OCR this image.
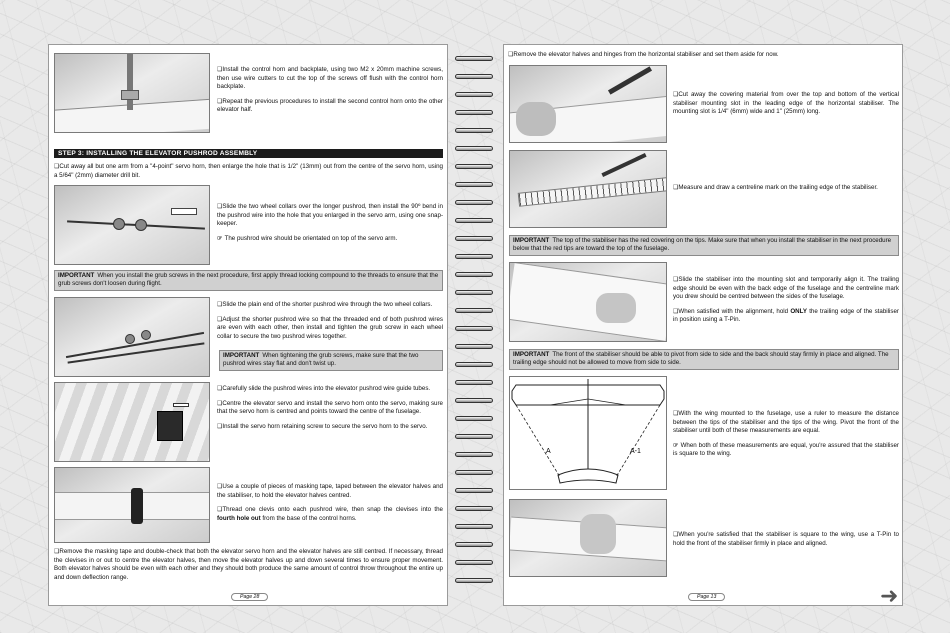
❑ Install the control horn and backplate, using two M2 x 20mm machine screws, then use wire cutters to cut the top of the screws off flush with the control horn backplate.
❑ Repeat the previous procedures to install the second control horn onto the other elevator half.
STEP 3: INSTALLING THE ELEVATOR PUSHROD ASSEMBLY
❑ Cut away all but one arm from a "4-point" servo horn, then enlarge the hole that is 1/2" (13mm) out from the centre of the servo horn, using a 5/64" (2mm) diameter drill bit.
❑ Slide the two wheel collars over the longer pushrod, then install the 90º bend in the pushrod wire into the hole that you enlarged in the servo arm, using one snap-keeper.
☞ The pushrod wire should be orientated on top of the servo arm.
IMPORTANT When you install the grub screws in the next procedure, first apply thread locking compound to the threads to ensure that the grub screws don't loosen during flight.
❑ Slide the plain end of the shorter pushrod wire through the two wheel collars.
❑ Adjust the shorter pushrod wire so that the threaded end of both pushrod wires are even with each other, then install and tighten the grub screw in each wheel collar to secure the two pushrod wires together.
IMPORTANT When tightening the grub screws, make sure that the two pushrod wires stay flat and don't twist up.
❑ Carefully slide the pushrod wires into the elevator pushrod wire guide tubes.
❑ Centre the elevator servo and install the servo horn onto the servo, making sure that the servo horn is centred and points toward the centre of the fuselage.
❑ Install the servo horn retaining screw to secure the servo horn to the servo.
❑ Use a couple of pieces of masking tape, taped between the elevator halves and the stabiliser, to hold the elevator halves centred.
❑ Thread one clevis onto each pushrod wire, then snap the clevises into the fourth hole out from the base of the control horns.
❑ Remove the masking tape and double-check that both the elevator servo horn and the elevator halves are still centred. If necessary, thread the clevises in or out to centre the elevator halves, then move the elevator halves up and down several times to ensure proper movement. Both elevator halves should be even with each other and they should both produce the same amount of control throw throughout the entire up and down deflection range.
Page 28
❑ Remove the elevator halves and hinges from the horizontal stabiliser and set them aside for now.
❑ Cut away the covering material from over the top and bottom of the vertical stabiliser mounting slot in the leading edge of the horizontal stabiliser. The mounting slot is 1/4" (6mm) wide and 1" (25mm) long.
❑ Measure and draw a centreline mark on the trailing edge of the stabiliser.
IMPORTANT The top of the stabiliser has the red covering on the tips. Make sure that when you install the stabiliser in the next procedure below that the red tips are toward the top of the fuselage.
❑ Slide the stabiliser into the mounting slot and temporarily align it. The trailing edge should be even with the back edge of the fuselage and the centreline mark you drew should be centred between the sides of the fuselage.
❑ When satisfied with the alignment, hold ONLY the trailing edge of the stabiliser in position using a T-Pin.
IMPORTANT The front of the stabiliser should be able to pivot from side to side and the back should stay firmly in place and aligned. The trailing edge should not be allowed to move from side to side.
A	A-1
❑ With the wing mounted to the fuselage, use a ruler to measure the distance between the tips of the stabiliser and the tips of the wing. Pivot the front of the stabiliser until both of these measurements are equal.
☞ When both of these measurements are equal, you're assured that the stabiliser is square to the wing.
❑ When you're satisfied that the stabiliser is square to the wing, use a T-Pin to hold the front of the stabiliser firmly in place and aligned.
Page 13	➜
